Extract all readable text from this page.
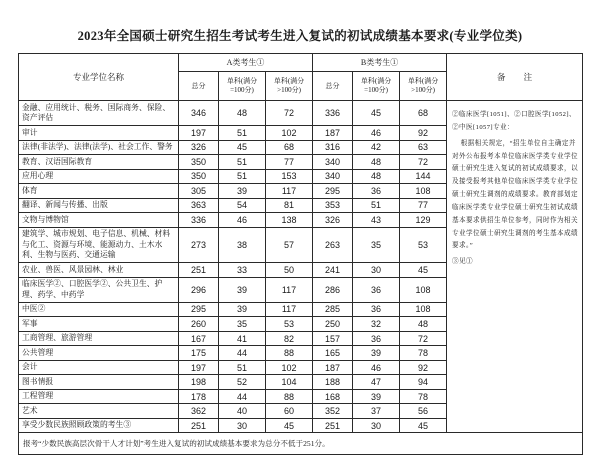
2023年全国硕士研究生招生考试考生进入复试的初试成绩基本要求(专业学位类)
专业学位名称	A类考生①			B类考生①			备 注
	总分	单科(满分=100分)	单科(满分>100分)	总分	单科(满分=100分)	单科(满分>100分)	
金融、应用统计、税务、国际商务、保险、资产评估	346	48	72	336	45	68	②临床医学[1051]、②口腔医学[1052]、②中医[1057]专业：

根据相关规定，“招生单位自主确定并对外公布报考本单位临床医学类专业学位硕士研究生进入复试的初试成绩要求，以及接受报考其他单位临床医学类专业学位硕士研究生调剂的成绩要求。教育部划定临床医学类专业学位硕士研究生初试成绩基本要求供招生单位参考，同时作为相关专业学位硕士研究生调剂的考生基本成绩要求。”

③见①

审计	197	51	102	187	46	92	
法律(非法学)、法律(法学)、社会工作、警务	326	45	68	316	42	63	
教育、汉语国际教育	350	51	77	340	48	72	
应用心理	350	51	153	340	48	144	
体育	305	39	117	295	36	108	
翻译、新闻与传播、出版	363	54	81	353	51	77	
文物与博物馆	336	46	138	326	43	129	
建筑学、城市规划、电子信息、机械、材料与化工、资源与环境、能源动力、土木水利、生物与医药、交通运输	273	38	57	263	35	53	
农业、兽医、风景园林、林业	251	33	50	241	30	45	
临床医学②、口腔医学②、公共卫生、护理、药学、中药学	296	39	117	286	36	108	
中医②	295	39	117	285	36	108	
军事	260	35	53	250	32	48	
工商管理、旅游管理	167	41	82	157	36	72	
公共管理	175	44	88	165	39	78	
会计	197	51	102	187	46	92	
图书情报	198	52	104	188	47	94	
工程管理	178	44	88	168	39	78	
艺术	362	40	60	352	37	56	
享受少数民族照顾政策的考生③	251	30	45	251	30	45	
报考“少数民族高层次骨干人才计划”考生进入复试的初试成绩基本要求为总分不低于251分。							
